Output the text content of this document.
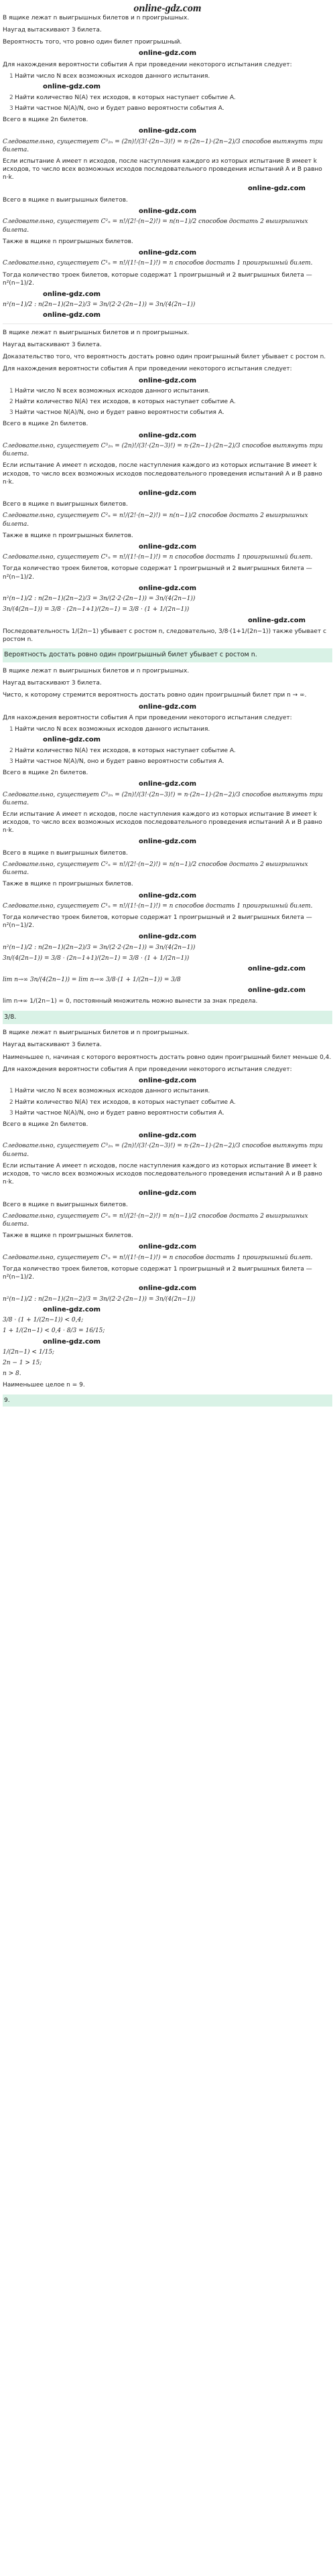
online-gdz.com

В ящике лежат n выигрышных билетов и n проигрышных.

Наугад вытаскивают 3 билета.

Вероятность того, что ровно один билет проигрышный.

online-gdz.com

Для нахождения вероятности события A при проведении некоторого испытания следует:

1 Найти число N всех возможных исходов данного испытания.
online-gdz.com
2 Найти количество N(A) тех исходов, в которых наступает событие A.
3 Найти частное N(A)/N, оно и будет равно вероятности события A.

Всего в ящике 2n билетов.

online-gdz.com
Следовательно, существует C³₂ₙ = (2n)!/(3!·(2n−3)!) = n·(2n−1)·(2n−2)/3 способов вытянуть три билета.

Если испытание A имеет n исходов, после наступления каждого из которых испытание B имеет k исходов, то число всех возможных исходов последовательного проведения испытаний A и B равно n·k.

online-gdz.com

Всего в ящике n выигрышных билетов.

online-gdz.com
Следовательно, существует C²ₙ = n!/(2!·(n−2)!) = n(n−1)/2 способов достать 2 выигрышных билета.

Также в ящике n проигрышных билетов.

online-gdz.com
Следовательно, существует C¹ₙ = n!/(1!·(n−1)!) = n способов достать 1 проигрышный билет.

Тогда количество троек билетов, которые содержат 1 проигрышный и 2 выигрышных билета — n²(n−1)/2.

online-gdz.com
n²(n−1)/2 : n(2n−1)(2n−2)/3 = 3n/(2·2·(2n−1)) = 3n/(4(2n−1))
online-gdz.com

В ящике лежат n выигрышных билетов и n проигрышных.

Наугад вытаскивают 3 билета.

Доказательство того, что вероятность достать ровно один проигрышный билет убывает с ростом n.

Для нахождения вероятности события A при проведении некоторого испытания следует:

online-gdz.com
1 Найти число N всех возможных исходов данного испытания.
2 Найти количество N(A) тех исходов, в которых наступает событие A.
3 Найти частное N(A)/N, оно и будет равно вероятности события A.

Всего в ящике 2n билетов.

online-gdz.com
Следовательно, существует C³₂ₙ = (2n)!/(3!·(2n−3)!) = n·(2n−1)·(2n−2)/3 способов вытянуть три билета.

Если испытание A имеет n исходов, после наступления каждого из которых испытание B имеет k исходов, то число всех возможных исходов последовательного проведения испытаний A и B равно n·k.

online-gdz.com

Всего в ящике n выигрышных билетов.

Следовательно, существует C²ₙ = n!/(2!·(n−2)!) = n(n−1)/2 способов достать 2 выигрышных билета.

Также в ящике n проигрышных билетов.

online-gdz.com
Следовательно, существует C¹ₙ = n!/(1!·(n−1)!) = n способов достать 1 проигрышный билет.

Тогда количество троек билетов, которые содержат 1 проигрышный и 2 выигрышных билета — n²(n−1)/2.

online-gdz.com
n²(n−1)/2 : n(2n−1)(2n−2)/3 = 3n/(2·2·(2n−1)) = 3n/(4(2n−1))
3n/(4(2n−1)) = 3/8 · (2n−1+1)/(2n−1) = 3/8 · (1 + 1/(2n−1))
online-gdz.com

Последовательность 1/(2n−1) убывает с ростом n, следовательно, 3/8·(1+1/(2n−1)) также убывает с ростом n.

Вероятность достать ровно один проигрышный билет убывает с ростом n.

В ящике лежат n выигрышных билетов и n проигрышных.

Наугад вытаскивают 3 билета.

Чисто, к которому стремится вероятность достать ровно один проигрышный билет при n → ∞.

online-gdz.com

Для нахождения вероятности события A при проведении некоторого испытания следует:

1 Найти число N всех возможных исходов данного испытания.
online-gdz.com
2 Найти количество N(A) тех исходов, в которых наступает событие A.
3 Найти частное N(A)/N, оно и будет равно вероятности события A.

Всего в ящике 2n билетов.

online-gdz.com
Следовательно, существует C³₂ₙ = (2n)!/(3!·(2n−3)!) = n·(2n−1)·(2n−2)/3 способов вытянуть три билета.

Если испытание A имеет n исходов, после наступления каждого из которых испытание B имеет k исходов, то число всех возможных исходов последовательного проведения испытаний A и B равно n·k.

online-gdz.com

Всего в ящике n выигрышных билетов.

Следовательно, существует C²ₙ = n!/(2!·(n−2)!) = n(n−1)/2 способов достать 2 выигрышных билета.

Также в ящике n проигрышных билетов.

online-gdz.com
Следовательно, существует C¹ₙ = n!/(1!·(n−1)!) = n способов достать 1 проигрышный билет.

Тогда количество троек билетов, которые содержат 1 проигрышный и 2 выигрышных билета — n²(n−1)/2.

online-gdz.com
n²(n−1)/2 : n(2n−1)(2n−2)/3 = 3n/(2·2·(2n−1)) = 3n/(4(2n−1))
3n/(4(2n−1)) = 3/8 · (2n−1+1)/(2n−1) = 3/8 · (1 + 1/(2n−1))
online-gdz.com
lim n→∞ 3n/(4(2n−1)) = lim n→∞ 3/8·(1 + 1/(2n−1)) = 3/8
online-gdz.com

lim n→∞ 1/(2n−1) = 0, постоянный множитель можно вынести за знак предела.

3/8.

В ящике лежат n выигрышных билетов и n проигрышных.

Наугад вытаскивают 3 билета.

Наименьшее n, начиная с которого вероятность достать ровно один проигрышный билет меньше 0,4.

Для нахождения вероятности события A при проведении некоторого испытания следует:

online-gdz.com
1 Найти число N всех возможных исходов данного испытания.
2 Найти количество N(A) тех исходов, в которых наступает событие A.
3 Найти частное N(A)/N, оно и будет равно вероятности события A.

Всего в ящике 2n билетов.

online-gdz.com
Следовательно, существует C³₂ₙ = (2n)!/(3!·(2n−3)!) = n·(2n−1)·(2n−2)/3 способов вытянуть три билета.

Если испытание A имеет n исходов, после наступления каждого из которых испытание B имеет k исходов, то число всех возможных исходов последовательного проведения испытаний A и B равно n·k.

online-gdz.com

Всего в ящике n выигрышных билетов.

Следовательно, существует C²ₙ = n!/(2!·(n−2)!) = n(n−1)/2 способов достать 2 выигрышных билета.

Также в ящике n проигрышных билетов.

online-gdz.com
Следовательно, существует C¹ₙ = n!/(1!·(n−1)!) = n способов достать 1 проигрышный билет.

Тогда количество троек билетов, которые содержат 1 проигрышный и 2 выигрышных билета — n²(n−1)/2.

online-gdz.com
n²(n−1)/2 : n(2n−1)(2n−2)/3 = 3n/(2·2·(2n−1)) = 3n/(4(2n−1))
online-gdz.com
3/8 · (1 + 1/(2n−1)) < 0,4;
1 + 1/(2n−1) < 0,4 · 8/3 = 16/15;
online-gdz.com
1/(2n−1) < 1/15;
2n − 1 > 15;
n > 8.

Наименьшее целое n = 9.

9.
